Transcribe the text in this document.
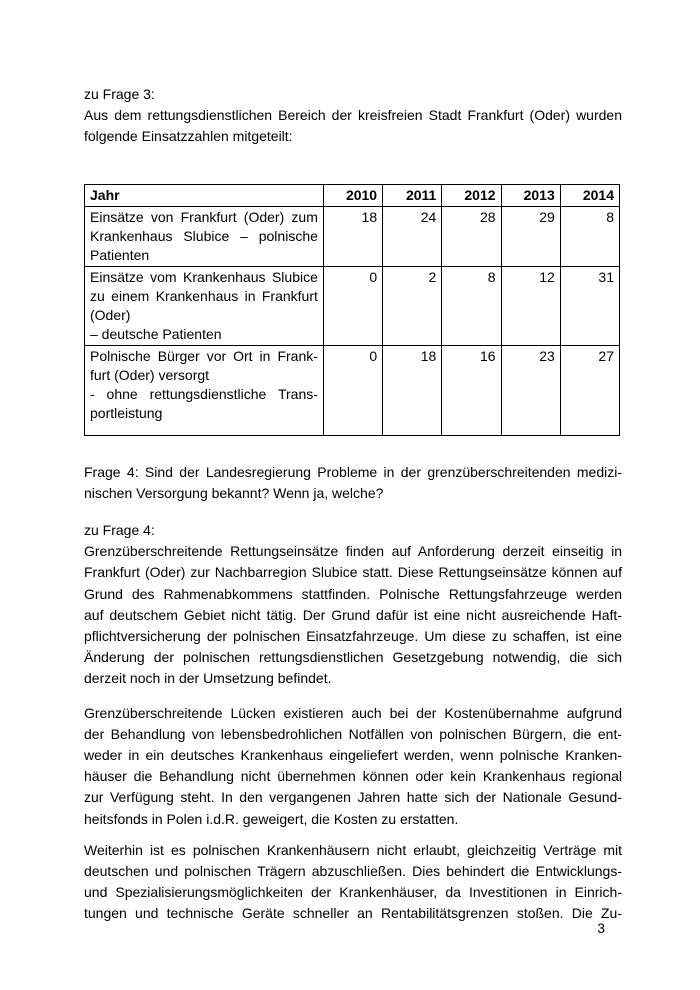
zu Frage 3:
Aus dem rettungsdienstlichen Bereich der kreisfreien Stadt Frankfurt (Oder) wurden
folgende Einsatzzahlen mitgeteilt:
Jahr	2010	2011	2012	2013	2014

Einsätze von Frankfurt (Oder) zum
Krankenhaus Slubice – polnische
Patienten	18	24	28	29	8

Einsätze vom Krankenhaus Slubice
zu einem Krankenhaus in Frankfurt
(Oder)
– deutsche Patienten	0	2	8	12	31

Polnische Bürger vor Ort in Frank-
furt (Oder) versorgt
- ohne rettungsdienstliche Trans-
portleistung	0	18	16	23	27
Frage 4: Sind der Landesregierung Probleme in der grenzüberschreitenden medizi-
nischen Versorgung bekannt? Wenn ja, welche?
zu Frage 4:
Grenzüberschreitende Rettungseinsätze finden auf Anforderung derzeit einseitig in
Frankfurt (Oder) zur Nachbarregion Slubice statt. Diese Rettungseinsätze können auf
Grund des Rahmenabkommens stattfinden. Polnische Rettungsfahrzeuge werden
auf deutschem Gebiet nicht tätig. Der Grund dafür ist eine nicht ausreichende Haft-
pflichtversicherung der polnischen Einsatzfahrzeuge. Um diese zu schaffen, ist eine
Änderung der polnischen rettungsdienstlichen Gesetzgebung notwendig, die sich
derzeit noch in der Umsetzung befindet.
Grenzüberschreitende Lücken existieren auch bei der Kostenübernahme aufgrund
der Behandlung von lebensbedrohlichen Notfällen von polnischen Bürgern, die ent-
weder in ein deutsches Krankenhaus eingeliefert werden, wenn polnische Kranken-
häuser die Behandlung nicht übernehmen können oder kein Krankenhaus regional
zur Verfügung steht. In den vergangenen Jahren hatte sich der Nationale Gesund-
heitsfonds in Polen i.d.R. geweigert, die Kosten zu erstatten.
Weiterhin ist es polnischen Krankenhäusern nicht erlaubt, gleichzeitig Verträge mit
deutschen und polnischen Trägern abzuschließen. Dies behindert die Entwicklungs-
und Spezialisierungsmöglichkeiten der Krankenhäuser, da Investitionen in Einrich-
tungen und technische Geräte schneller an Rentabilitätsgrenzen stoßen. Die Zu-
3
